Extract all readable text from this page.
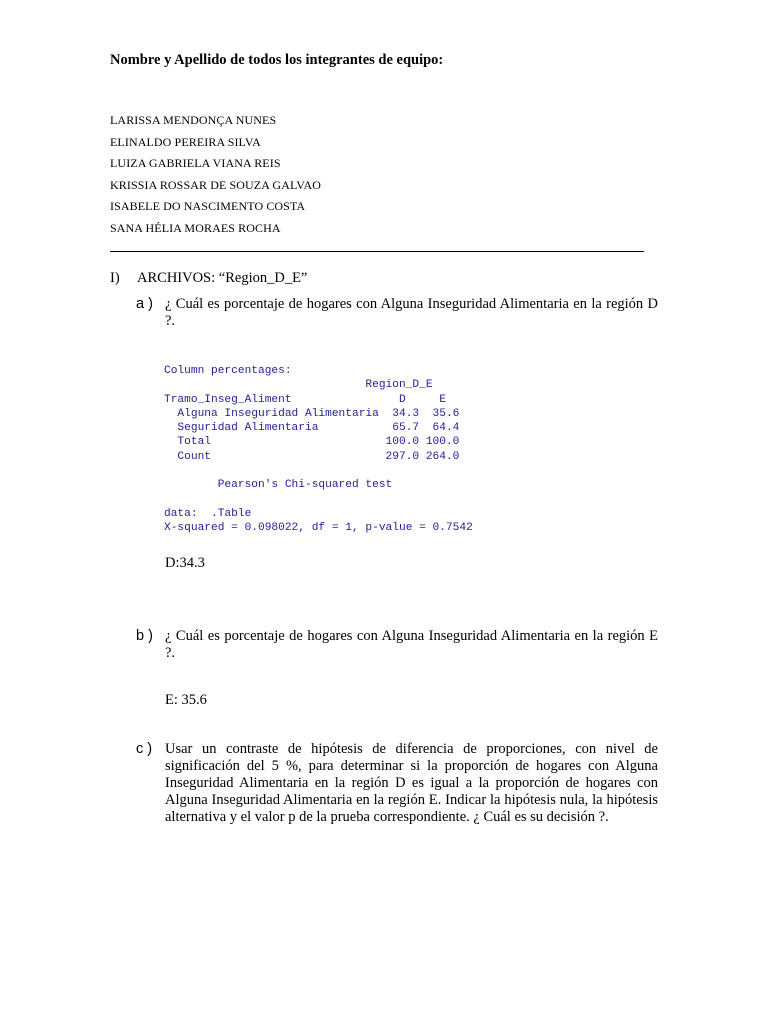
Nombre y Apellido de todos los integrantes de equipo:
LARISSA MENDONÇA NUNES
ELINALDO PEREIRA SILVA
LUIZA GABRIELA VIANA REIS
KRISSIA ROSSAR DE SOUZA GALVAO
ISABELE DO NASCIMENTO COSTA
SANA HÉLIA MORAES ROCHA
I) ARCHIVOS: “Region_D_E”
a ) ¿ Cuál es porcentaje de hogares con Alguna Inseguridad Alimentaria en la región D ?.
Column percentages:
Region_D_E
Tramo_Inseg_Aliment                D     E
Alguna Inseguridad Alimentaria  34.3  35.6
Seguridad Alimentaria           65.7  64.4
Total                          100.0 100.0
Count                          297.0 264.0

Pearson's Chi-squared test

data:  .Table
X-squared = 0.098022, df = 1, p-value = 0.7542
D:34.3
b ) ¿ Cuál es porcentaje de hogares con Alguna Inseguridad Alimentaria en la región E ?.
E: 35.6
c ) Usar un contraste de hipótesis de diferencia de proporciones, con nivel de significación del 5 %, para determinar si la proporción de hogares con Alguna Inseguridad Alimentaria en la región D es igual a la proporción de hogares con Alguna Inseguridad Alimentaria en la región E. Indicar la hipótesis nula, la hipótesis alternativa y el valor p de la prueba correspondiente. ¿ Cuál es su decisión ?.
